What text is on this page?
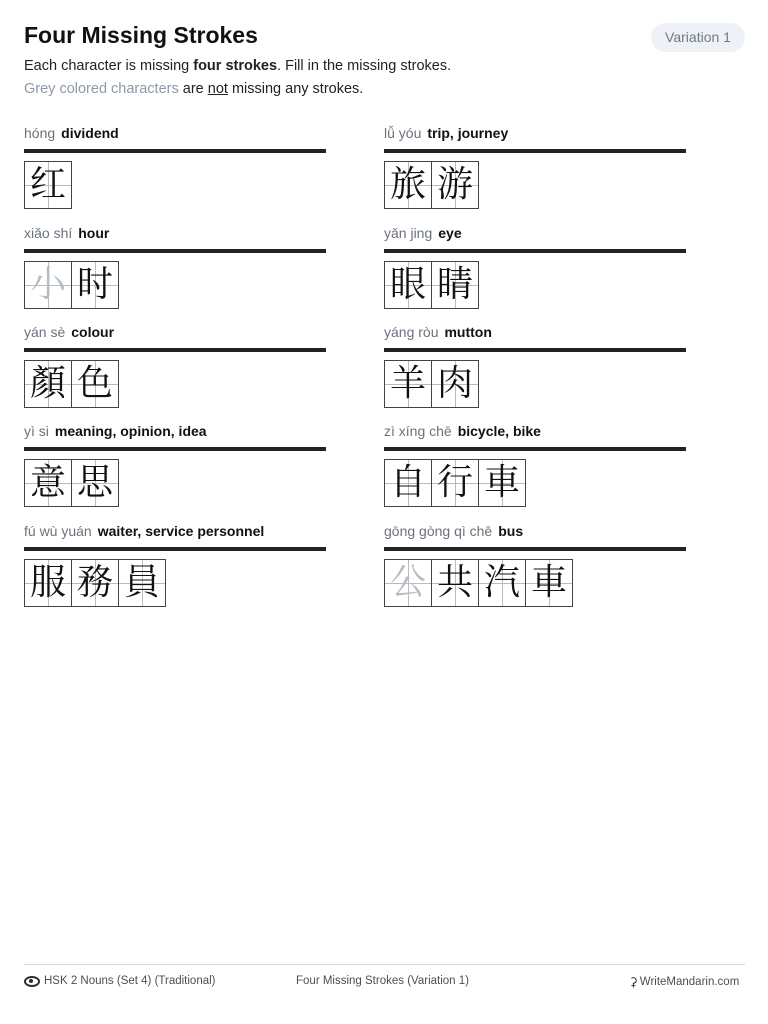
Four Missing Strokes	Variation 1
Each character is missing four strokes. Fill in the missing strokes.
Grey colored characters are not missing any strokes.
hóng dividend
红
lǚ yóu trip, journey
旅 游
xiǎo shí hour
小 时
yǎn jing eye
眼 睛
yán sè colour
顏 色
yáng ròu mutton
羊 肉
yì si meaning, opinion, idea
意 思
zì xíng chē bicycle, bike
自 行 車
fú wù yuán waiter, service personnel
服 務 員
gōng gòng qì chē bus
公 共 汽 車
HSK 2 Nouns (Set 4) (Traditional)	Four Missing Strokes (Variation 1)	⚳ WriteMandarin.com
